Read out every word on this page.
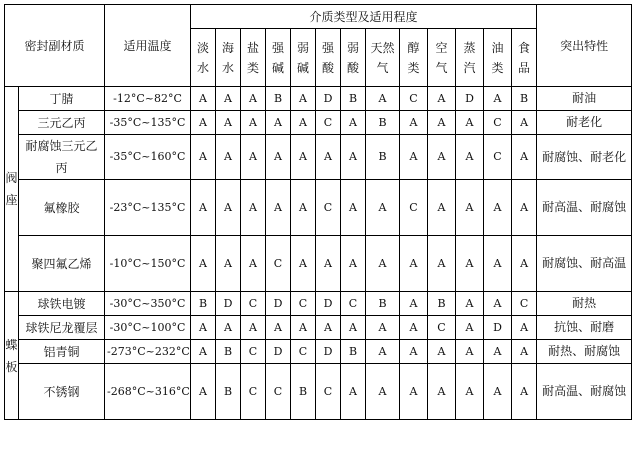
密封副材质		适用温度	介质类型及适用程度													突出特性
			淡水	海水	盐类	强碱	弱碱	强酸	弱酸	天然气	醇类	空气	蒸汽	油类	食品	
阀座	丁腈	-12°C~82°C	A	A	A	B	A	D	B	A	C	A	D	A	B	耐油
	三元乙丙	-35°C~135°C	A	A	A	A	A	C	A	B	A	A	A	C	A	耐老化
	耐腐蚀三元乙丙	-35°C~160°C	A	A	A	A	A	A	A	B	A	A	A	C	A	耐腐蚀、耐老化
	氟橡胶	-23°C~135°C	A	A	A	A	A	C	A	A	C	A	A	A	A	耐高温、耐腐蚀
	聚四氟乙烯	-10°C~150°C	A	A	A	C	A	A	A	A	A	A	A	A	A	耐腐蚀、耐高温
蝶板	球铁电镀	-30°C~350°C	B	D	C	D	C	D	C	B	A	B	A	A	C	耐热
	球铁尼龙覆层	-30°C~100°C	A	A	A	A	A	A	A	A	A	C	A	D	A	抗蚀、耐磨
	铝青铜	-273°C~232°C	A	B	C	D	C	D	B	A	A	A	A	A	A	耐热、耐腐蚀
	不锈钢	-268°C~316°C	A	B	C	C	B	C	A	A	A	A	A	A	A	耐高温、耐腐蚀
